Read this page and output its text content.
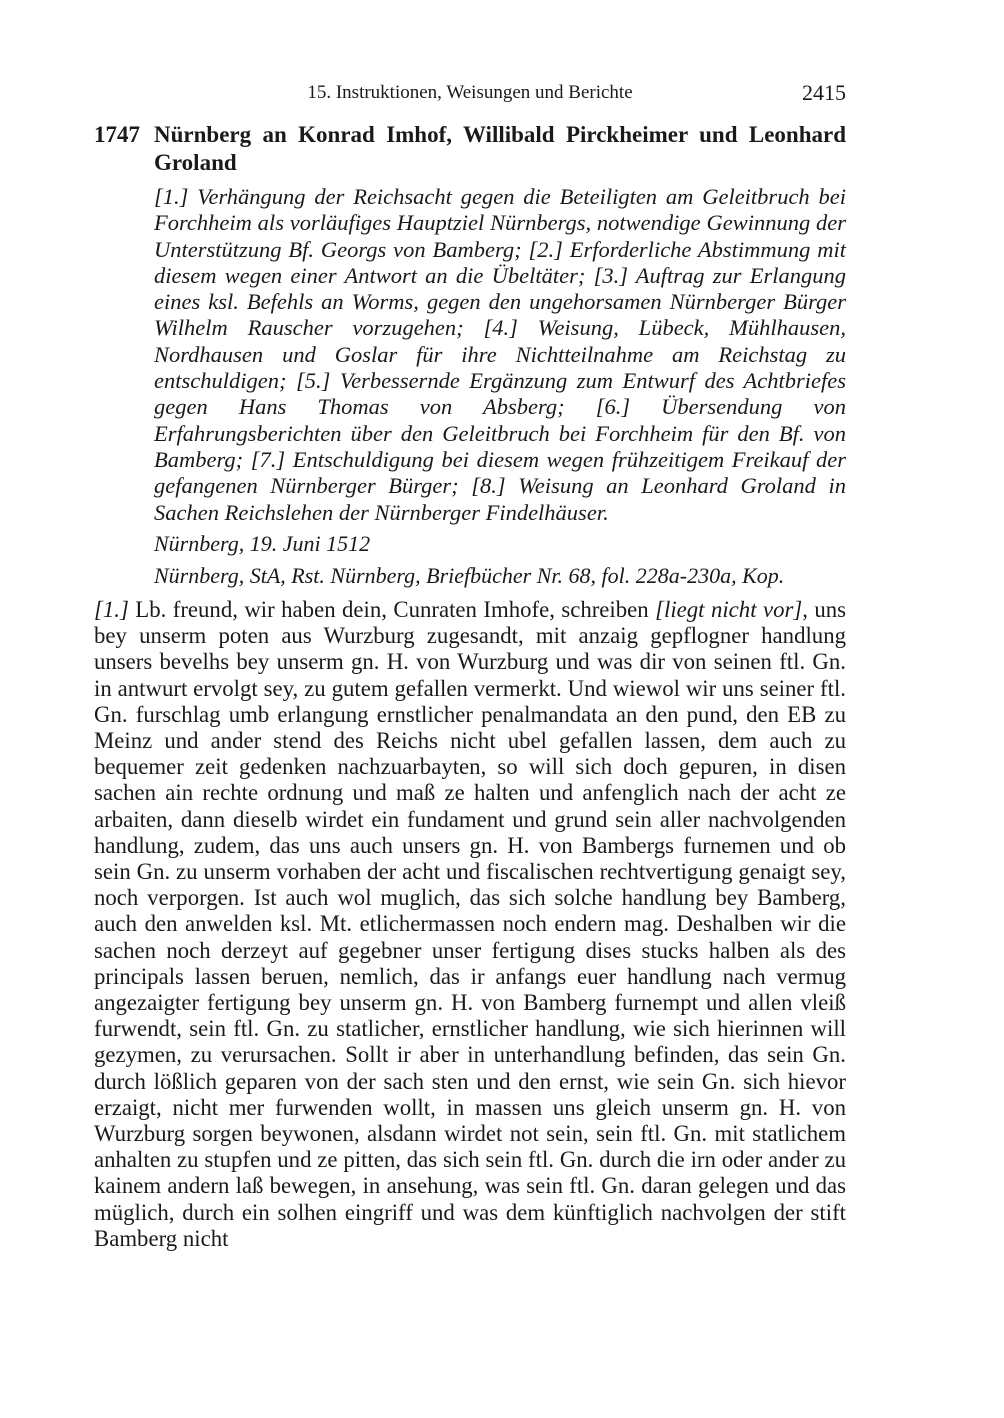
15. Instruktionen, Weisungen und Berichte	2415
1747 Nürnberg an Konrad Imhof, Willibald Pirckheimer und Leonhard Groland

[1.] Verhängung der Reichsacht gegen die Beteiligten am Geleitbruch bei Forchheim als vorläufiges Hauptziel Nürnbergs, notwendige Gewinnung der Unterstützung Bf. Georgs von Bamberg; [2.] Erforderliche Abstimmung mit diesem wegen einer Antwort an die Übeltäter; [3.] Auftrag zur Erlangung eines ksl. Befehls an Worms, gegen den ungehorsamen Nürnberger Bürger Wilhelm Rauscher vorzugehen; [4.] Weisung, Lübeck, Mühlhausen, Nordhausen und Goslar für ihre Nichtteilnahme am Reichstag zu entschuldigen; [5.] Verbessernde Ergänzung zum Entwurf des Achtbriefes gegen Hans Thomas von Absberg; [6.] Übersendung von Erfahrungsberichten über den Geleitbruch bei Forchheim für den Bf. von Bamberg; [7.] Entschuldigung bei diesem wegen frühzeitigem Freikauf der gefangenen Nürnberger Bürger; [8.] Weisung an Leonhard Groland in Sachen Reichslehen der Nürnberger Findelhäuser.

Nürnberg, 19. Juni 1512
Nürnberg, StA, Rst. Nürnberg, Briefbücher Nr. 68, fol. 228a-230a, Kop.

[1.] Lb. freund, wir haben dein, Cunraten Imhofe, schreiben [liegt nicht vor], uns bey unserm poten aus Wurzburg zugesandt, mit anzaig gepflogner handlung unsers bevelhs bey unserm gn. H. von Wurzburg und was dir von seinen ftl. Gn. in antwurt ervolgt sey, zu gutem gefallen vermerkt. Und wiewol wir uns seiner ftl. Gn. furschlag umb erlangung ernstlicher penalmandata an den pund, den EB zu Meinz und ander stend des Reichs nicht ubel gefallen lassen, dem auch zu bequemer zeit gedenken nachzuarbayten, so will sich doch gepuren, in disen sachen ain rechte ordnung und maß ze halten und anfenglich nach der acht ze arbaiten, dann dieselb wirdet ein fundament und grund sein aller nachvolgenden handlung, zudem, das uns auch unsers gn. H. von Bambergs furnemen und ob sein Gn. zu unserm vorhaben der acht und fiscalischen rechtvertigung genaigt sey, noch verporgen. Ist auch wol muglich, das sich solche handlung bey Bamberg, auch den anwelden ksl. Mt. etlichermassen noch endern mag. Deshalben wir die sachen noch derzeyt auf gegebner unser fertigung dises stucks halben als des principals lassen beruen, nemlich, das ir anfangs euer handlung nach vermug angezaigter fertigung bey unserm gn. H. von Bamberg furnempt und allen vleiß furwendt, sein ftl. Gn. zu statlicher, ernstlicher handlung, wie sich hierinnen will gezymen, zu verursachen. Sollt ir aber in unterhandlung befinden, das sein Gn. durch lößlich geparen von der sach sten und den ernst, wie sein Gn. sich hievor erzaigt, nicht mer furwenden wollt, in massen uns gleich unserm gn. H. von Wurzburg sorgen beywonen, alsdann wirdet not sein, sein ftl. Gn. mit statlichem anhalten zu stupfen und ze pitten, das sich sein ftl. Gn. durch die irn oder ander zu kainem andern laß bewegen, in ansehung, was sein ftl. Gn. daran gelegen und das müglich, durch ein solhen eingriff und was dem künftiglich nachvolgen der stift Bamberg nicht
